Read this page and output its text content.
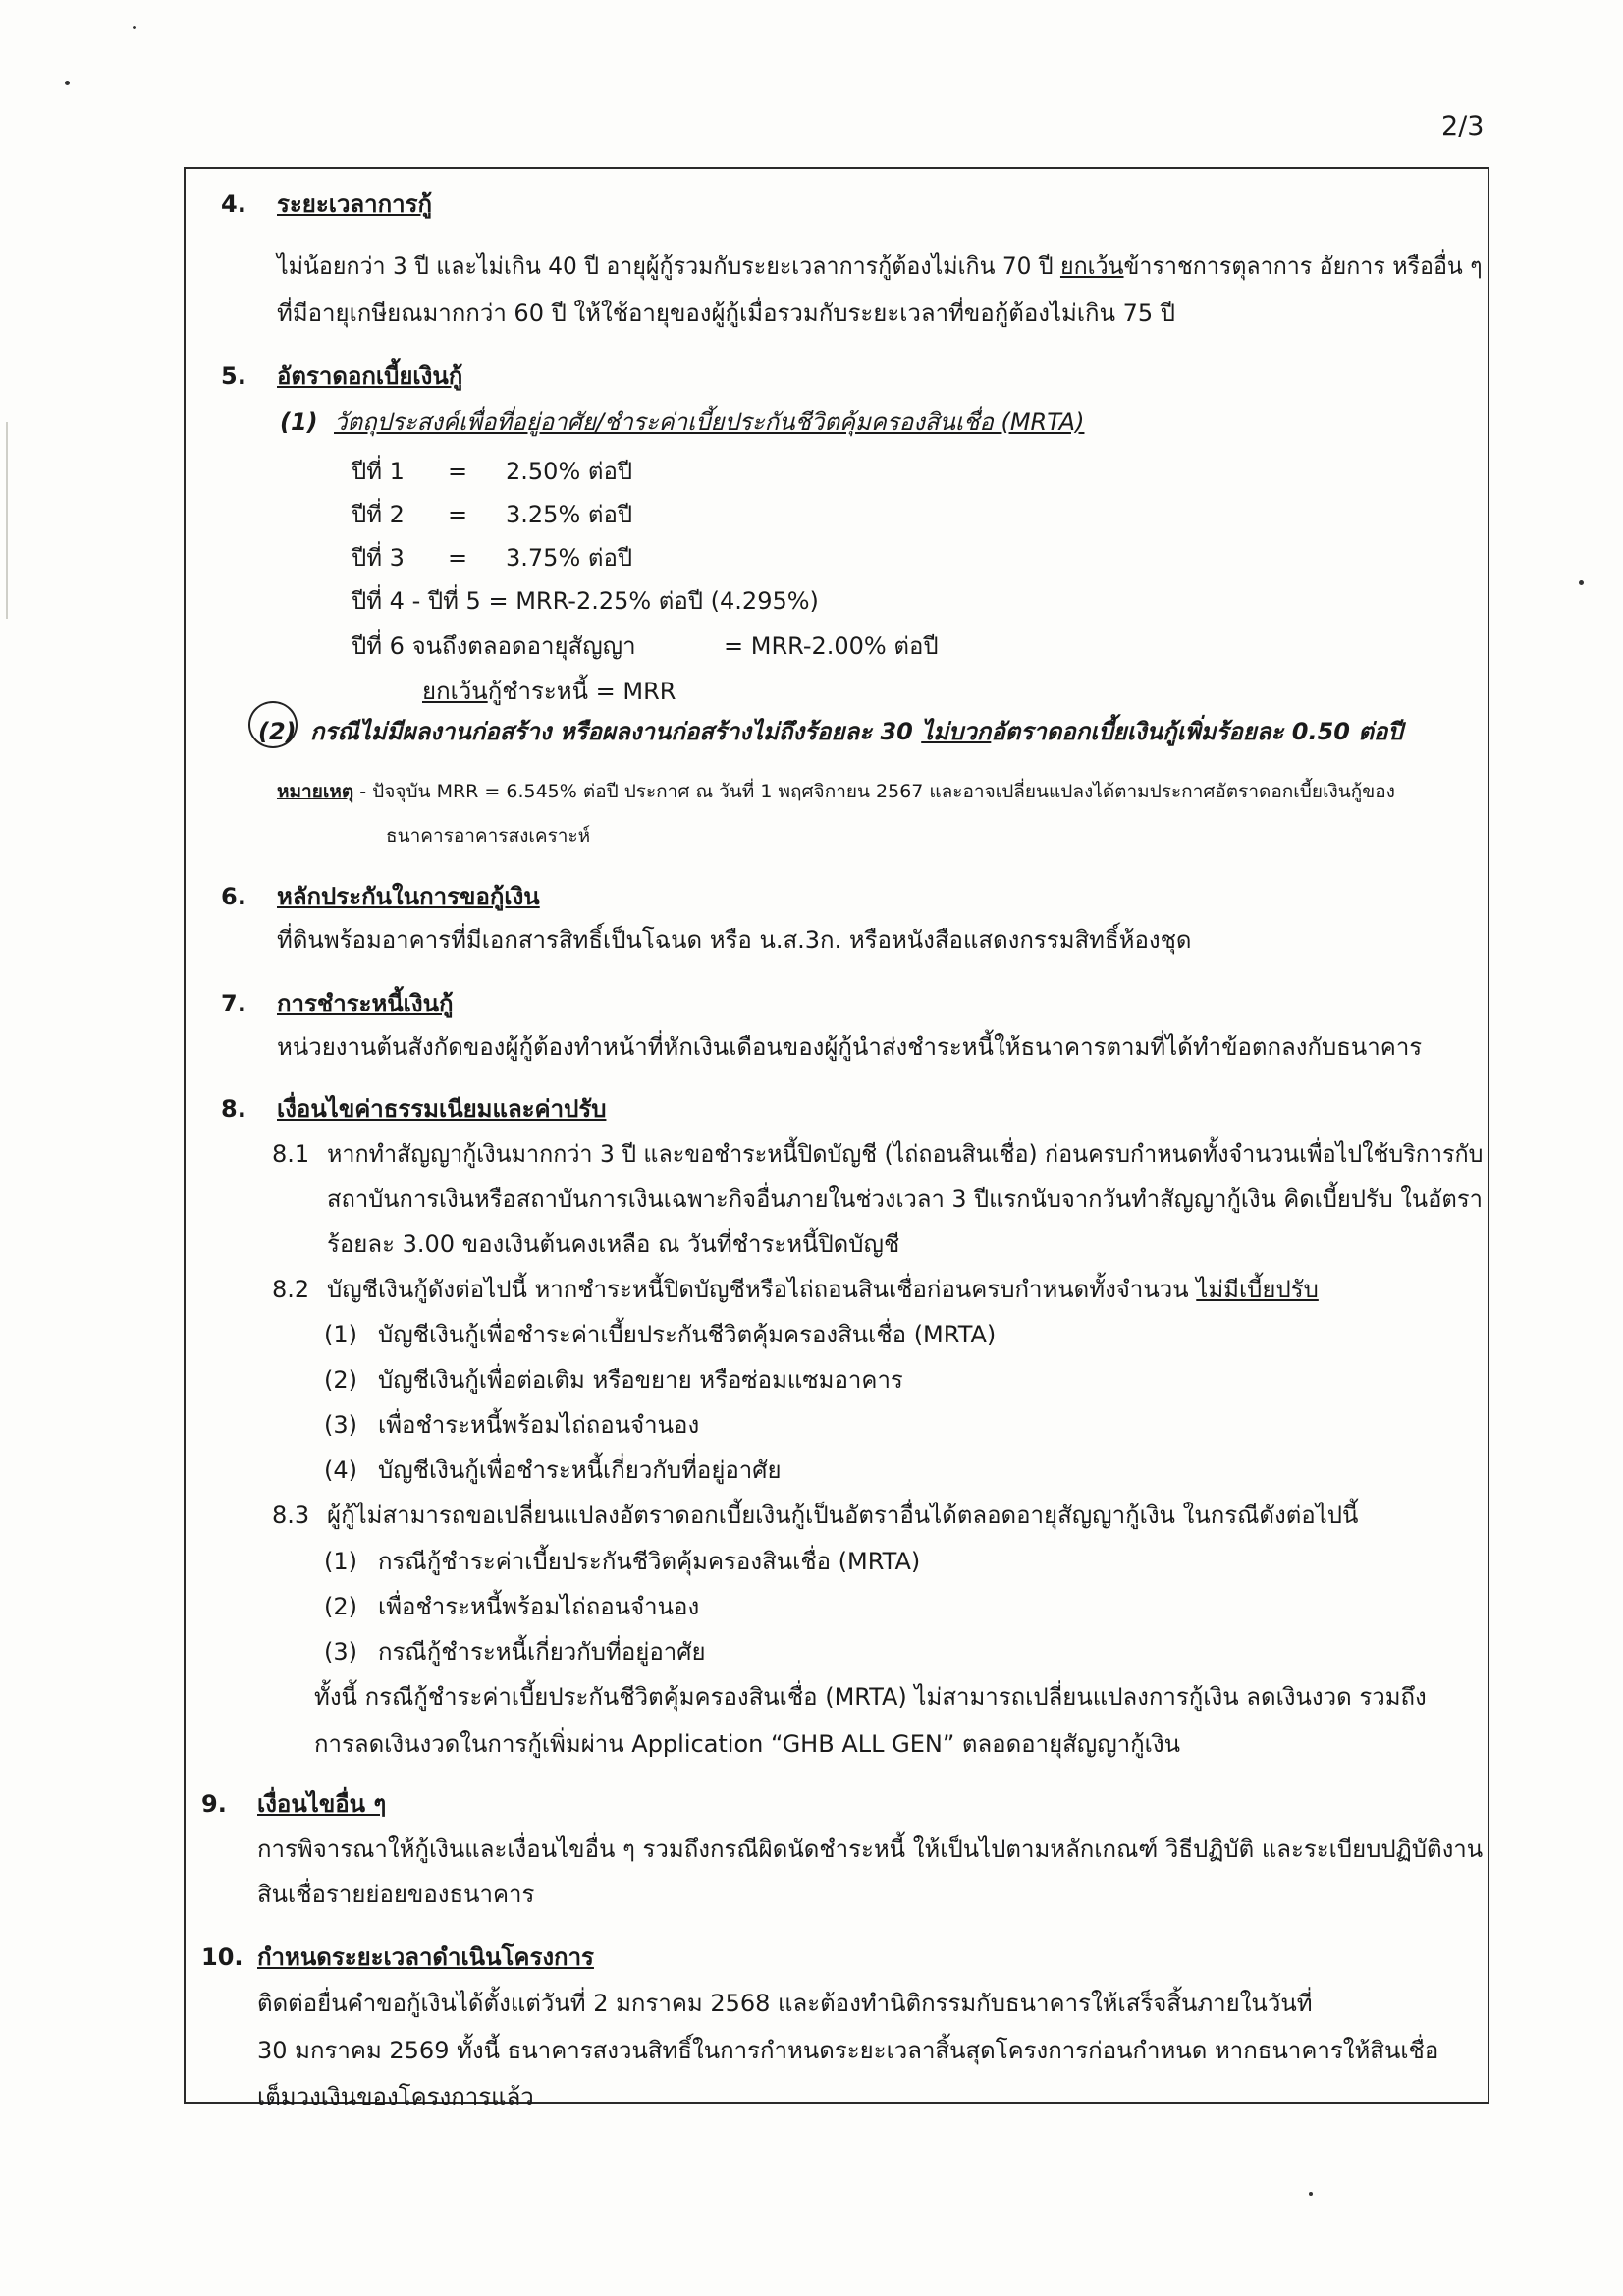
2/3
4. ระยะเวลาการกู้
ไม่น้อยกว่า 3 ปี และไม่เกิน 40 ปี อายุผู้กู้รวมกับระยะเวลาการกู้ต้องไม่เกิน 70 ปี ยกเว้นข้าราชการตุลาการ อัยการ หรืออื่น ๆ
ที่มีอายุเกษียณมากกว่า 60 ปี ให้ใช้อายุของผู้กู้เมื่อรวมกับระยะเวลาที่ขอกู้ต้องไม่เกิน 75 ปี
5. อัตราดอกเบี้ยเงินกู้
(1) วัตถุประสงค์เพื่อที่อยู่อาศัย/ชำระค่าเบี้ยประกันชีวิตคุ้มครองสินเชื่อ (MRTA)
ปีที่ 1 = 2.50% ต่อปี
ปีที่ 2 = 3.25% ต่อปี
ปีที่ 3 = 3.75% ต่อปี
ปีที่ 4 - ปีที่ 5 = MRR-2.25% ต่อปี (4.295%)
ปีที่ 6 จนถึงตลอดอายุสัญญา	= MRR-2.00% ต่อปี
ยกเว้นกู้ชำระหนี้ = MRR
(2) กรณีไม่มีผลงานก่อสร้าง หรือผลงานก่อสร้างไม่ถึงร้อยละ 30 ไม่บวกอัตราดอกเบี้ยเงินกู้เพิ่มร้อยละ 0.50 ต่อปี
หมายเหตุ - ปัจจุบัน MRR = 6.545% ต่อปี ประกาศ ณ วันที่ 1 พฤศจิกายน 2567 และอาจเปลี่ยนแปลงได้ตามประกาศอัตราดอกเบี้ยเงินกู้ของ
ธนาคารอาคารสงเคราะห์
6. หลักประกันในการขอกู้เงิน
ที่ดินพร้อมอาคารที่มีเอกสารสิทธิ์เป็นโฉนด หรือ น.ส.3ก. หรือหนังสือแสดงกรรมสิทธิ์ห้องชุด
7. การชำระหนี้เงินกู้
หน่วยงานต้นสังกัดของผู้กู้ต้องทำหน้าที่หักเงินเดือนของผู้กู้นำส่งชำระหนี้ให้ธนาคารตามที่ได้ทำข้อตกลงกับธนาคาร
8. เงื่อนไขค่าธรรมเนียมและค่าปรับ
8.1 หากทำสัญญากู้เงินมากกว่า 3 ปี และขอชำระหนี้ปิดบัญชี (ไถ่ถอนสินเชื่อ) ก่อนครบกำหนดทั้งจำนวนเพื่อไปใช้บริการกับ
สถาบันการเงินหรือสถาบันการเงินเฉพาะกิจอื่นภายในช่วงเวลา 3 ปีแรกนับจากวันทำสัญญากู้เงิน คิดเบี้ยปรับ ในอัตรา
ร้อยละ 3.00 ของเงินต้นคงเหลือ ณ วันที่ชำระหนี้ปิดบัญชี
8.2 บัญชีเงินกู้ดังต่อไปนี้ หากชำระหนี้ปิดบัญชีหรือไถ่ถอนสินเชื่อก่อนครบกำหนดทั้งจำนวน ไม่มีเบี้ยปรับ
(1) บัญชีเงินกู้เพื่อชำระค่าเบี้ยประกันชีวิตคุ้มครองสินเชื่อ (MRTA)
(2) บัญชีเงินกู้เพื่อต่อเติม หรือขยาย หรือซ่อมแซมอาคาร
(3) เพื่อชำระหนี้พร้อมไถ่ถอนจำนอง
(4) บัญชีเงินกู้เพื่อชำระหนี้เกี่ยวกับที่อยู่อาศัย
8.3 ผู้กู้ไม่สามารถขอเปลี่ยนแปลงอัตราดอกเบี้ยเงินกู้เป็นอัตราอื่นได้ตลอดอายุสัญญากู้เงิน ในกรณีดังต่อไปนี้
(1) กรณีกู้ชำระค่าเบี้ยประกันชีวิตคุ้มครองสินเชื่อ (MRTA)
(2) เพื่อชำระหนี้พร้อมไถ่ถอนจำนอง
(3) กรณีกู้ชำระหนี้เกี่ยวกับที่อยู่อาศัย
ทั้งนี้ กรณีกู้ชำระค่าเบี้ยประกันชีวิตคุ้มครองสินเชื่อ (MRTA) ไม่สามารถเปลี่ยนแปลงการกู้เงิน ลดเงินงวด รวมถึง
การลดเงินงวดในการกู้เพิ่มผ่าน Application “GHB ALL GEN” ตลอดอายุสัญญากู้เงิน
9. เงื่อนไขอื่น ๆ
การพิจารณาให้กู้เงินและเงื่อนไขอื่น ๆ รวมถึงกรณีผิดนัดชำระหนี้ ให้เป็นไปตามหลักเกณฑ์ วิธีปฏิบัติ และระเบียบปฏิบัติงาน
สินเชื่อรายย่อยของธนาคาร
10. กำหนดระยะเวลาดำเนินโครงการ
ติดต่อยื่นคำขอกู้เงินได้ตั้งแต่วันที่ 2 มกราคม 2568 และต้องทำนิติกรรมกับธนาคารให้เสร็จสิ้นภายในวันที่
30 มกราคม 2569 ทั้งนี้ ธนาคารสงวนสิทธิ์ในการกำหนดระยะเวลาสิ้นสุดโครงการก่อนกำหนด หากธนาคารให้สินเชื่อ
เต็มวงเงินของโครงการแล้ว
